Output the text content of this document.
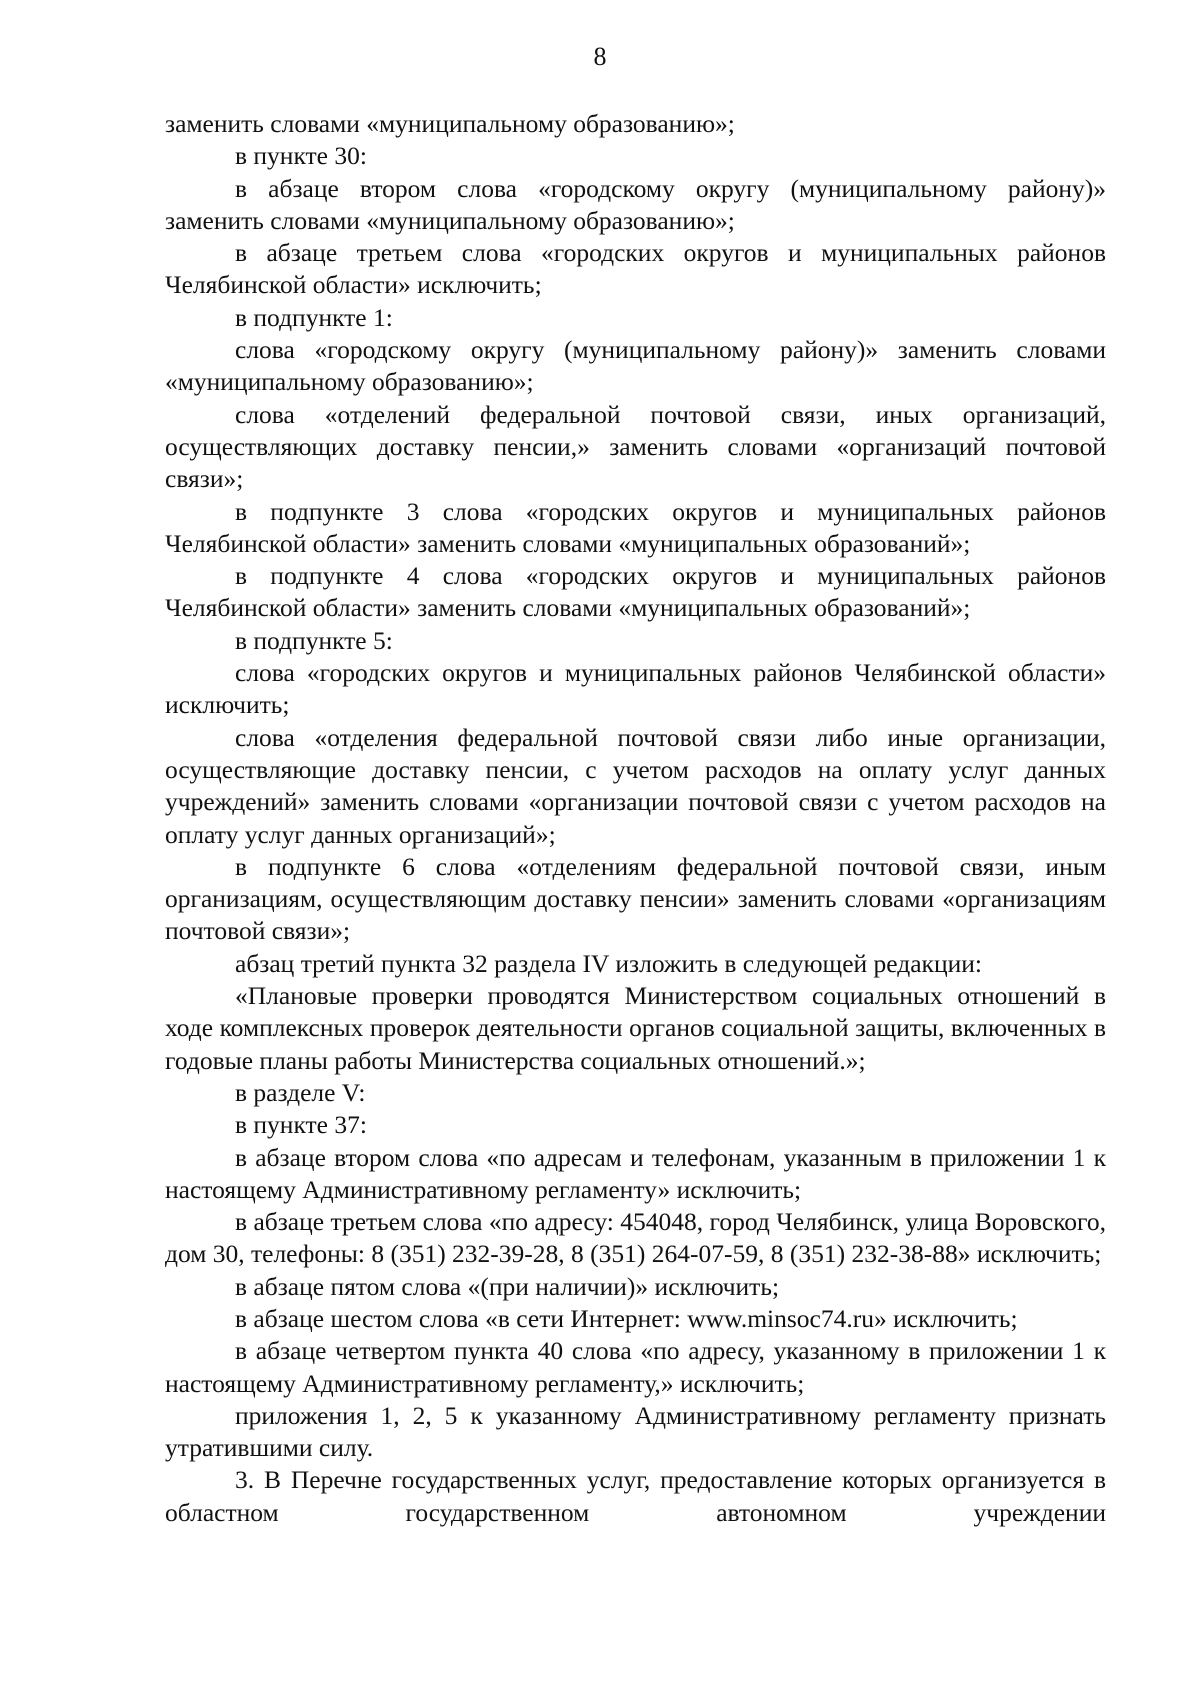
8

заменить словами «муниципальному образованию»;

в пункте 30:

в абзаце втором слова «городскому округу (муниципальному району)» заменить словами «муниципальному образованию»;

в абзаце третьем слова «городских округов и муниципальных районов Челябинской области» исключить;

в подпункте 1:

слова «городскому округу (муниципальному району)» заменить словами «муниципальному образованию»;

слова «отделений федеральной почтовой связи, иных организаций, осуществляющих доставку пенсии,» заменить словами «организаций почтовой связи»;

в подпункте 3 слова «городских округов и муниципальных районов Челябинской области» заменить словами «муниципальных образований»;

в подпункте 4 слова «городских округов и муниципальных районов Челябинской области» заменить словами «муниципальных образований»;

в подпункте 5:

слова «городских округов и муниципальных районов Челябинской области» исключить;

слова «отделения федеральной почтовой связи либо иные организации, осуществляющие доставку пенсии, с учетом расходов на оплату услуг данных учреждений» заменить словами «организации почтовой связи с учетом расходов на оплату услуг данных организаций»;

в подпункте 6 слова «отделениям федеральной почтовой связи, иным организациям, осуществляющим доставку пенсии» заменить словами «организациям почтовой связи»;

абзац третий пункта 32 раздела IV изложить в следующей редакции:

«Плановые проверки проводятся Министерством социальных отношений в ходе комплексных проверок деятельности органов социальной защиты, включенных в годовые планы работы Министерства социальных отношений.»;

в разделе V:

в пункте 37:

в абзаце втором слова «по адресам и телефонам, указанным в приложении 1 к настоящему Административному регламенту» исключить;

в абзаце третьем слова «по адресу: 454048, город Челябинск, улица Воровского, дом 30, телефоны: 8 (351) 232-39-28, 8 (351) 264-07-59, 8 (351) 232-38-88» исключить;

в абзаце пятом слова «(при наличии)» исключить;

в абзаце шестом слова «в сети Интернет: www.minsoc74.ru» исключить;

в абзаце четвертом пункта 40 слова «по адресу, указанному в приложении 1 к настоящему Административному регламенту,» исключить;

приложения 1, 2, 5 к указанному Административному регламенту признать утратившими силу.

3. В Перечне государственных услуг, предоставление которых организуется в областном государственном автономном учреждении
